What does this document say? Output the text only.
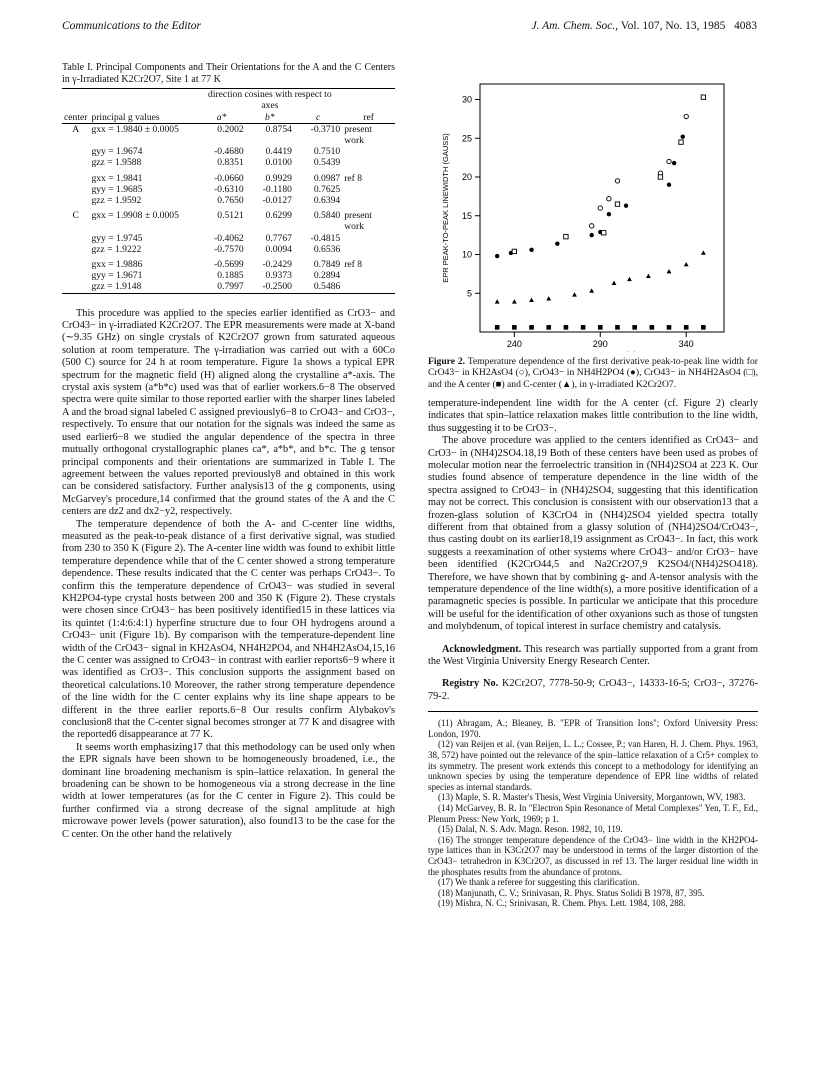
Communications to the Editor	J. Am. Chem. Soc., Vol. 107, No. 13, 1985 4083

Table I. Principal Components and Their Orientations for the A and the C Centers in γ-Irradiated K2Cr2O7, Site 1 at 77 K

		direction cosines with respect to axes			
center	principal g values	a*	b*	c	ref
A	gxx = 1.9840 ± 0.0005	0.2002	0.8754	-0.3710	present work
	gyy = 1.9674	-0.4680	0.4419	0.7510	
	gzz = 1.9588	0.8351	0.0100	0.5439	
	gxx = 1.9841	-0.0660	0.9929	0.0987	ref 8
	gyy = 1.9685	-0.6310	-0.1180	0.7625	
	gzz = 1.9592	0.7650	-0.0127	0.6394	
C	gxx = 1.9908 ± 0.0005	0.5121	0.6299	0.5840	present work
	gyy = 1.9745	-0.4062	0.7767	-0.4815	
	gzz = 1.9222	-0.7570	0.0094	0.6536	
	gxx = 1.9886	-0.5699	-0.2429	0.7849	ref 8
	gyy = 1.9671	0.1885	0.9373	0.2894	
	gzz = 1.9148	0.7997	-0.2500	0.5486	

This procedure was applied to the species earlier identified as CrO3− and CrO43− in γ-irradiated K2Cr2O7. The EPR measurements were made at X-band (∼9.35 GHz) on single crystals of K2Cr2O7 grown from saturated aqueous solution at room temperature. The γ-irradiation was carried out with a 60Co (500 C) source for 24 h at room temperature. Figure 1a shows a typical EPR spectrum for the magnetic field (H) aligned along the crystalline a*-axis. The crystal axis system (a*b*c) used was that of earlier workers.6−8 The observed spectra were quite similar to those reported earlier with the sharper lines labeled A and the broad signal labeled C assigned previously6−8 to CrO43− and CrO3−, respectively. To ensure that our notation for the signals was indeed the same as used earlier6−8 we studied the angular dependence of the spectra in three mutually orthogonal crystallographic planes ca*, a*b*, and b*c. The g tensor principal components and their orientations are summarized in Table I. The agreement between the values reported previously8 and obtained in this work can be considered satisfactory. Further analysis13 of the g components, using McGarvey's procedure,14 confirmed that the ground states of the A and the C centers are dz2 and dx2−y2, respectively.

The temperature dependence of both the A- and C-center line widths, measured as the peak-to-peak distance of a first derivative signal, was studied from 230 to 350 K (Figure 2). The A-center line width was found to exhibit little temperature dependence while that of the C center showed a strong temperature dependence. These results indicated that the C center was perhaps CrO43−. To confirm this the temperature dependence of CrO43− was studied in several KH2PO4-type crystal hosts between 200 and 350 K (Figure 2). These crystals were chosen since CrO43− has been positively identified15 in these lattices via its quintet (1:4:6:4:1) hyperfine structure due to four OH hydrogens around a CrO43− unit (Figure 1b). By comparison with the temperature-dependent line width of the CrO43− signal in KH2AsO4, NH4H2PO4, and NH4H2AsO4,15,16 the C center was assigned to CrO43− in contrast with earlier reports6−9 where it was identified as CrO3−. This conclusion supports the assignment based on theoretical calculations.10 Moreover, the rather strong temperature dependence of the line width for the C center explains why its line shape appears to be different in the three earlier reports.6−8 Our results confirm Alybakov's conclusion8 that the C-center signal becomes stronger at 77 K and disagree with the reported6 disappearance at 77 K.

It seems worth emphasizing17 that this methodology can be used only when the EPR signals have been shown to be homogeneously broadened, i.e., the dominant line broadening mechanism is spin–lattice relaxation. In general the broadening can be shown to be homogeneous via a strong decrease in the line width at lower temperatures (as for the C center in Figure 2). This could be further confirmed via a strong decrease of the signal amplitude at high microwave power levels (power saturation), also found13 to be the case for the C center. On the other hand the relatively

240	290	340
5
10
15
20
25
30
EPR PEAK-TO-PEAK LINEWIDTH (GAUSS)
Figure 2. Temperature dependence of the first derivative peak-to-peak line width for CrO43− in KH2AsO4 (○), CrO43− in NH4H2PO4 (●), CrO43− in NH4H2AsO4 (□), and the A center (■) and C-center (▲), in γ-irradiated K2Cr2O7.

temperature-independent line width for the A center (cf. Figure 2) clearly indicates that spin–lattice relaxation makes little contribution to the line width, thus suggesting it to be CrO3−.

The above procedure was applied to the centers identified as CrO43− and CrO3− in (NH4)2SO4.18,19 Both of these centers have been used as probes of molecular motion near the ferroelectric transition in (NH4)2SO4 at 223 K. Our studies found absence of temperature dependence in the line width of the spectra assigned to CrO43− in (NH4)2SO4, suggesting that this identification may not be correct. This conclusion is consistent with our observation13 that a frozen-glass solution of K3CrO4 in (NH4)2SO4 yielded spectra totally different from that obtained from a glassy solution of (NH4)2SO4/CrO43−, thus casting doubt on its earlier18,19 assignment as CrO43−. In fact, this work suggests a reexamination of other systems where CrO43− and/or CrO3− have been identified (K2CrO44,5 and Na2Cr2O7,9 K2SO4/(NH4)2SO418). Therefore, we have shown that by combining g- and A-tensor analysis with the temperature dependence of the line width(s), a more positive identification of a paramagnetic species is possible. In particular we anticipate that this procedure will be useful for the identification of other oxyanions such as those of tungsten and molybdenum, of topical interest in surface chemistry and catalysis.

Acknowledgment. This research was partially supported from a grant from the West Virginia University Energy Research Center.

Registry No. K2Cr2O7, 7778-50-9; CrO43−, 14333-16-5; CrO3−, 37276-79-2.

(11) Abragam, A.; Bleaney, B. "EPR of Transition Ions"; Oxford University Press: London, 1970.
(12) van Reijen et al. (van Reijen, L. L.; Cossee, P.; van Haren, H. J. Chem. Phys. 1963, 38, 572) have pointed out the relevance of the spin–lattice relaxation of a Cr5+ complex to its symmetry. The present work extends this concept to a methodology for identifying an unknown species by using the temperature dependence of EPR line widths of related species as internal standards.
(13) Maple, S. R. Master's Thesis, West Virginia University, Morgantown, WV, 1983.
(14) McGarvey, B. R. In "Electron Spin Resonance of Metal Complexes" Yen, T. F., Ed., Plenum Press: New York, 1969; p 1.
(15) Dalal, N. S. Adv. Magn. Reson. 1982, 10, 119.
(16) The stronger temperature dependence of the CrO43− line width in the KH2PO4-type lattices than in K3Cr2O7 may be understood in terms of the larger distortion of the CrO43− tetrahedron in K3Cr2O7, as discussed in ref 13. The larger residual line width in the phosphates results from the abundance of protons.
(17) We thank a referee for suggesting this clarification.
(18) Manjunath, C. V.; Srinivasan, R. Phys. Status Solidi B 1978, 87, 395.
(19) Mishra, N. C.; Srinivasan, R. Chem. Phys. Lett. 1984, 108, 288.
